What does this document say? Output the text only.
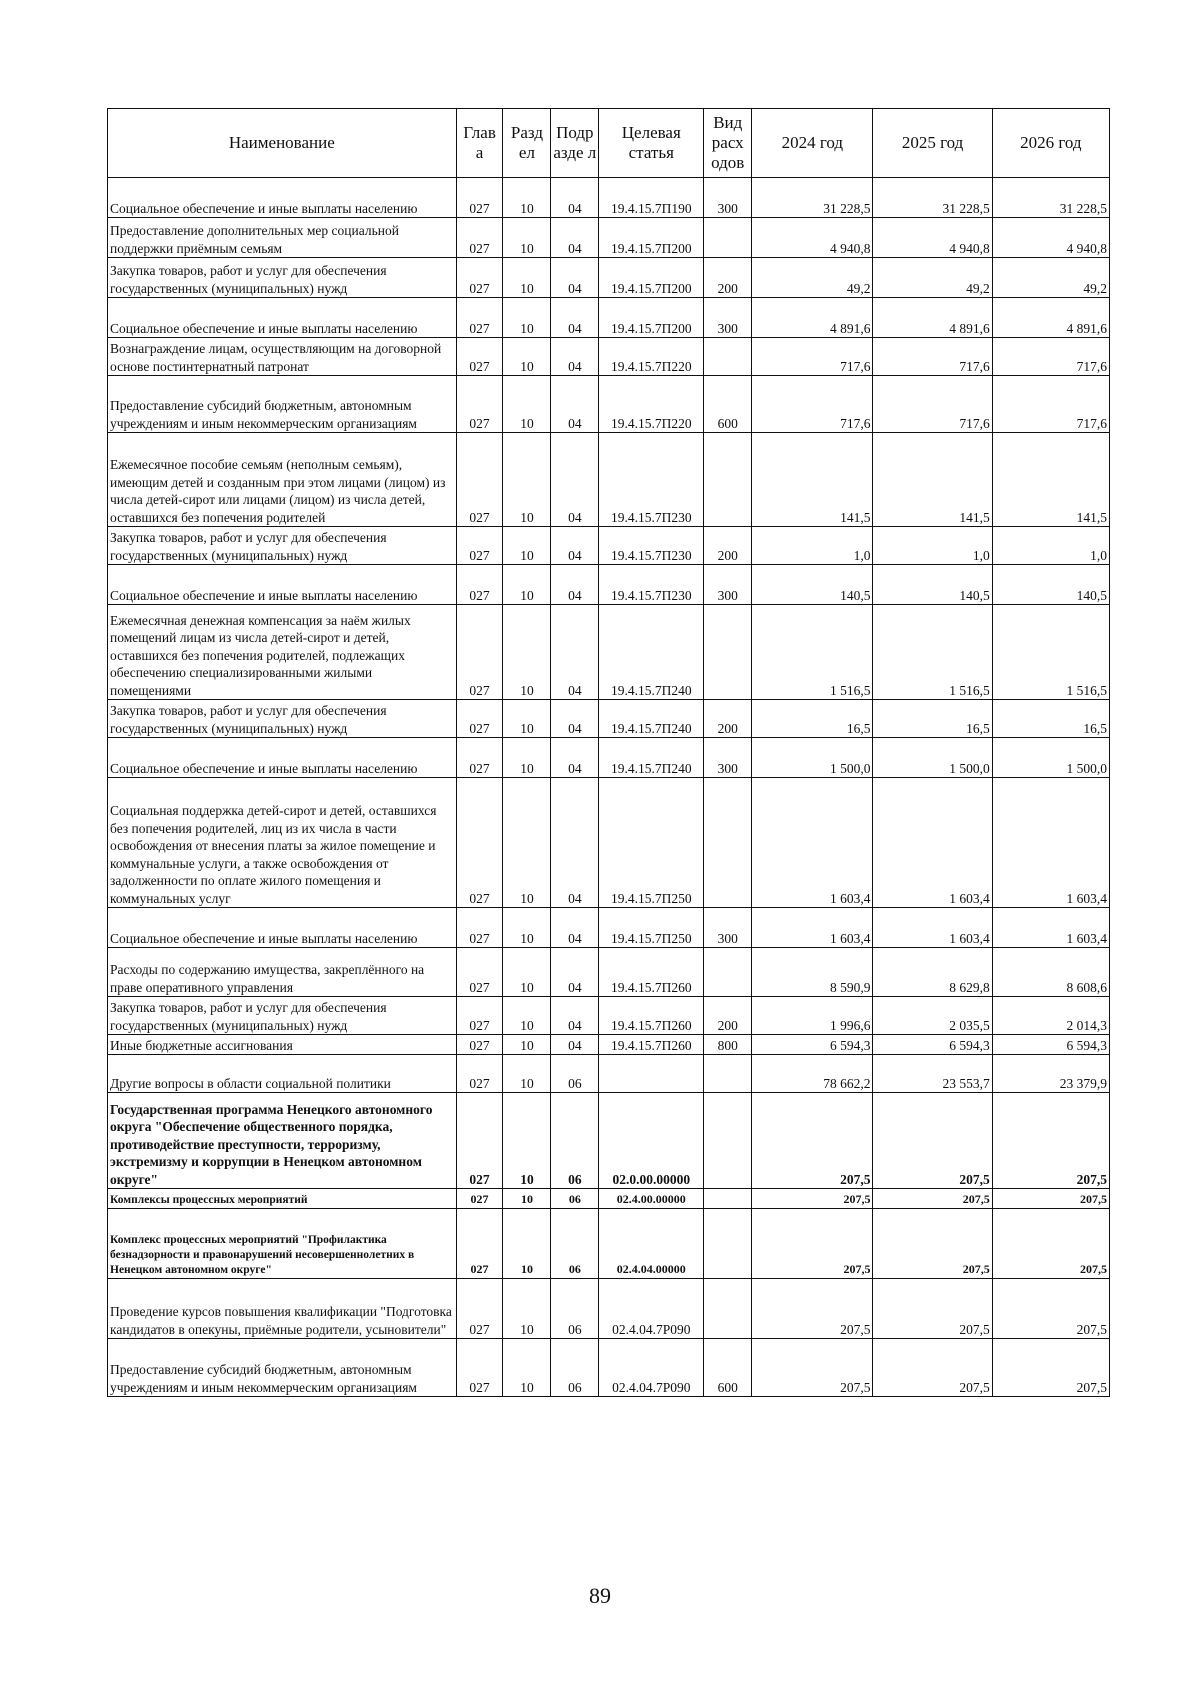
Наименование	Глав а	Разд ел	Подр азде л	Целевая статья	Вид расх одов	2024 год	2025 год	2026 год
Социальное обеспечение и иные выплаты населению	027	10	04	19.4.15.7П190	300	31 228,5	31 228,5	31 228,5
Предоставление дополнительных мер социальной поддержки приёмным семьям	027	10	04	19.4.15.7П200		4 940,8	4 940,8	4 940,8
Закупка товаров, работ и услуг для обеспечения государственных (муниципальных) нужд	027	10	04	19.4.15.7П200	200	49,2	49,2	49,2
Социальное обеспечение и иные выплаты населению	027	10	04	19.4.15.7П200	300	4 891,6	4 891,6	4 891,6
Вознаграждение лицам, осуществляющим на договорной основе постинтернатный патронат	027	10	04	19.4.15.7П220		717,6	717,6	717,6
Предоставление субсидий бюджетным, автономным учреждениям и иным некоммерческим организациям	027	10	04	19.4.15.7П220	600	717,6	717,6	717,6
Ежемесячное пособие семьям (неполным семьям), имеющим детей и созданным при этом лицами (лицом) из числа детей-сирот или лицами (лицом) из числа детей, оставшихся без попечения родителей	027	10	04	19.4.15.7П230		141,5	141,5	141,5
Закупка товаров, работ и услуг для обеспечения государственных (муниципальных) нужд	027	10	04	19.4.15.7П230	200	1,0	1,0	1,0
Социальное обеспечение и иные выплаты населению	027	10	04	19.4.15.7П230	300	140,5	140,5	140,5
Ежемесячная денежная компенсация за наём жилых помещений лицам из числа детей-сирот и детей, оставшихся без попечения родителей, подлежащих обеспечению специализированными жилыми помещениями	027	10	04	19.4.15.7П240		1 516,5	1 516,5	1 516,5
Закупка товаров, работ и услуг для обеспечения государственных (муниципальных) нужд	027	10	04	19.4.15.7П240	200	16,5	16,5	16,5
Социальное обеспечение и иные выплаты населению	027	10	04	19.4.15.7П240	300	1 500,0	1 500,0	1 500,0
Социальная поддержка детей-сирот и детей, оставшихся без попечения родителей, лиц из их числа в части освобождения от внесения платы за жилое помещение и коммунальные услуги, а также освобождения от задолженности по оплате жилого помещения и коммунальных услуг	027	10	04	19.4.15.7П250		1 603,4	1 603,4	1 603,4
Социальное обеспечение и иные выплаты населению	027	10	04	19.4.15.7П250	300	1 603,4	1 603,4	1 603,4
Расходы по содержанию имущества, закреплённого на праве оперативного управления	027	10	04	19.4.15.7П260		8 590,9	8 629,8	8 608,6
Закупка товаров, работ и услуг для обеспечения государственных (муниципальных) нужд	027	10	04	19.4.15.7П260	200	1 996,6	2 035,5	2 014,3
Иные бюджетные ассигнования	027	10	04	19.4.15.7П260	800	6 594,3	6 594,3	6 594,3
Другие вопросы в области социальной политики	027	10	06			78 662,2	23 553,7	23 379,9
Государственная программа Ненецкого автономного округа "Обеспечение общественного порядка, противодействие преступности, терроризму, экстремизму и коррупции в Ненецком автономном округе"	027	10	06	02.0.00.00000		207,5	207,5	207,5
Комплексы процессных мероприятий	027	10	06	02.4.00.00000		207,5	207,5	207,5
Комплекс процессных мероприятий "Профилактика безнадзорности и правонарушений несовершеннолетних в Ненецком автономном округе"	027	10	06	02.4.04.00000		207,5	207,5	207,5
Проведение курсов повышения квалификации "Подготовка кандидатов в опекуны, приёмные родители, усыновители"	027	10	06	02.4.04.7Р090		207,5	207,5	207,5
Предоставление субсидий бюджетным, автономным учреждениям и иным некоммерческим организациям	027	10	06	02.4.04.7Р090	600	207,5	207,5	207,5
89
